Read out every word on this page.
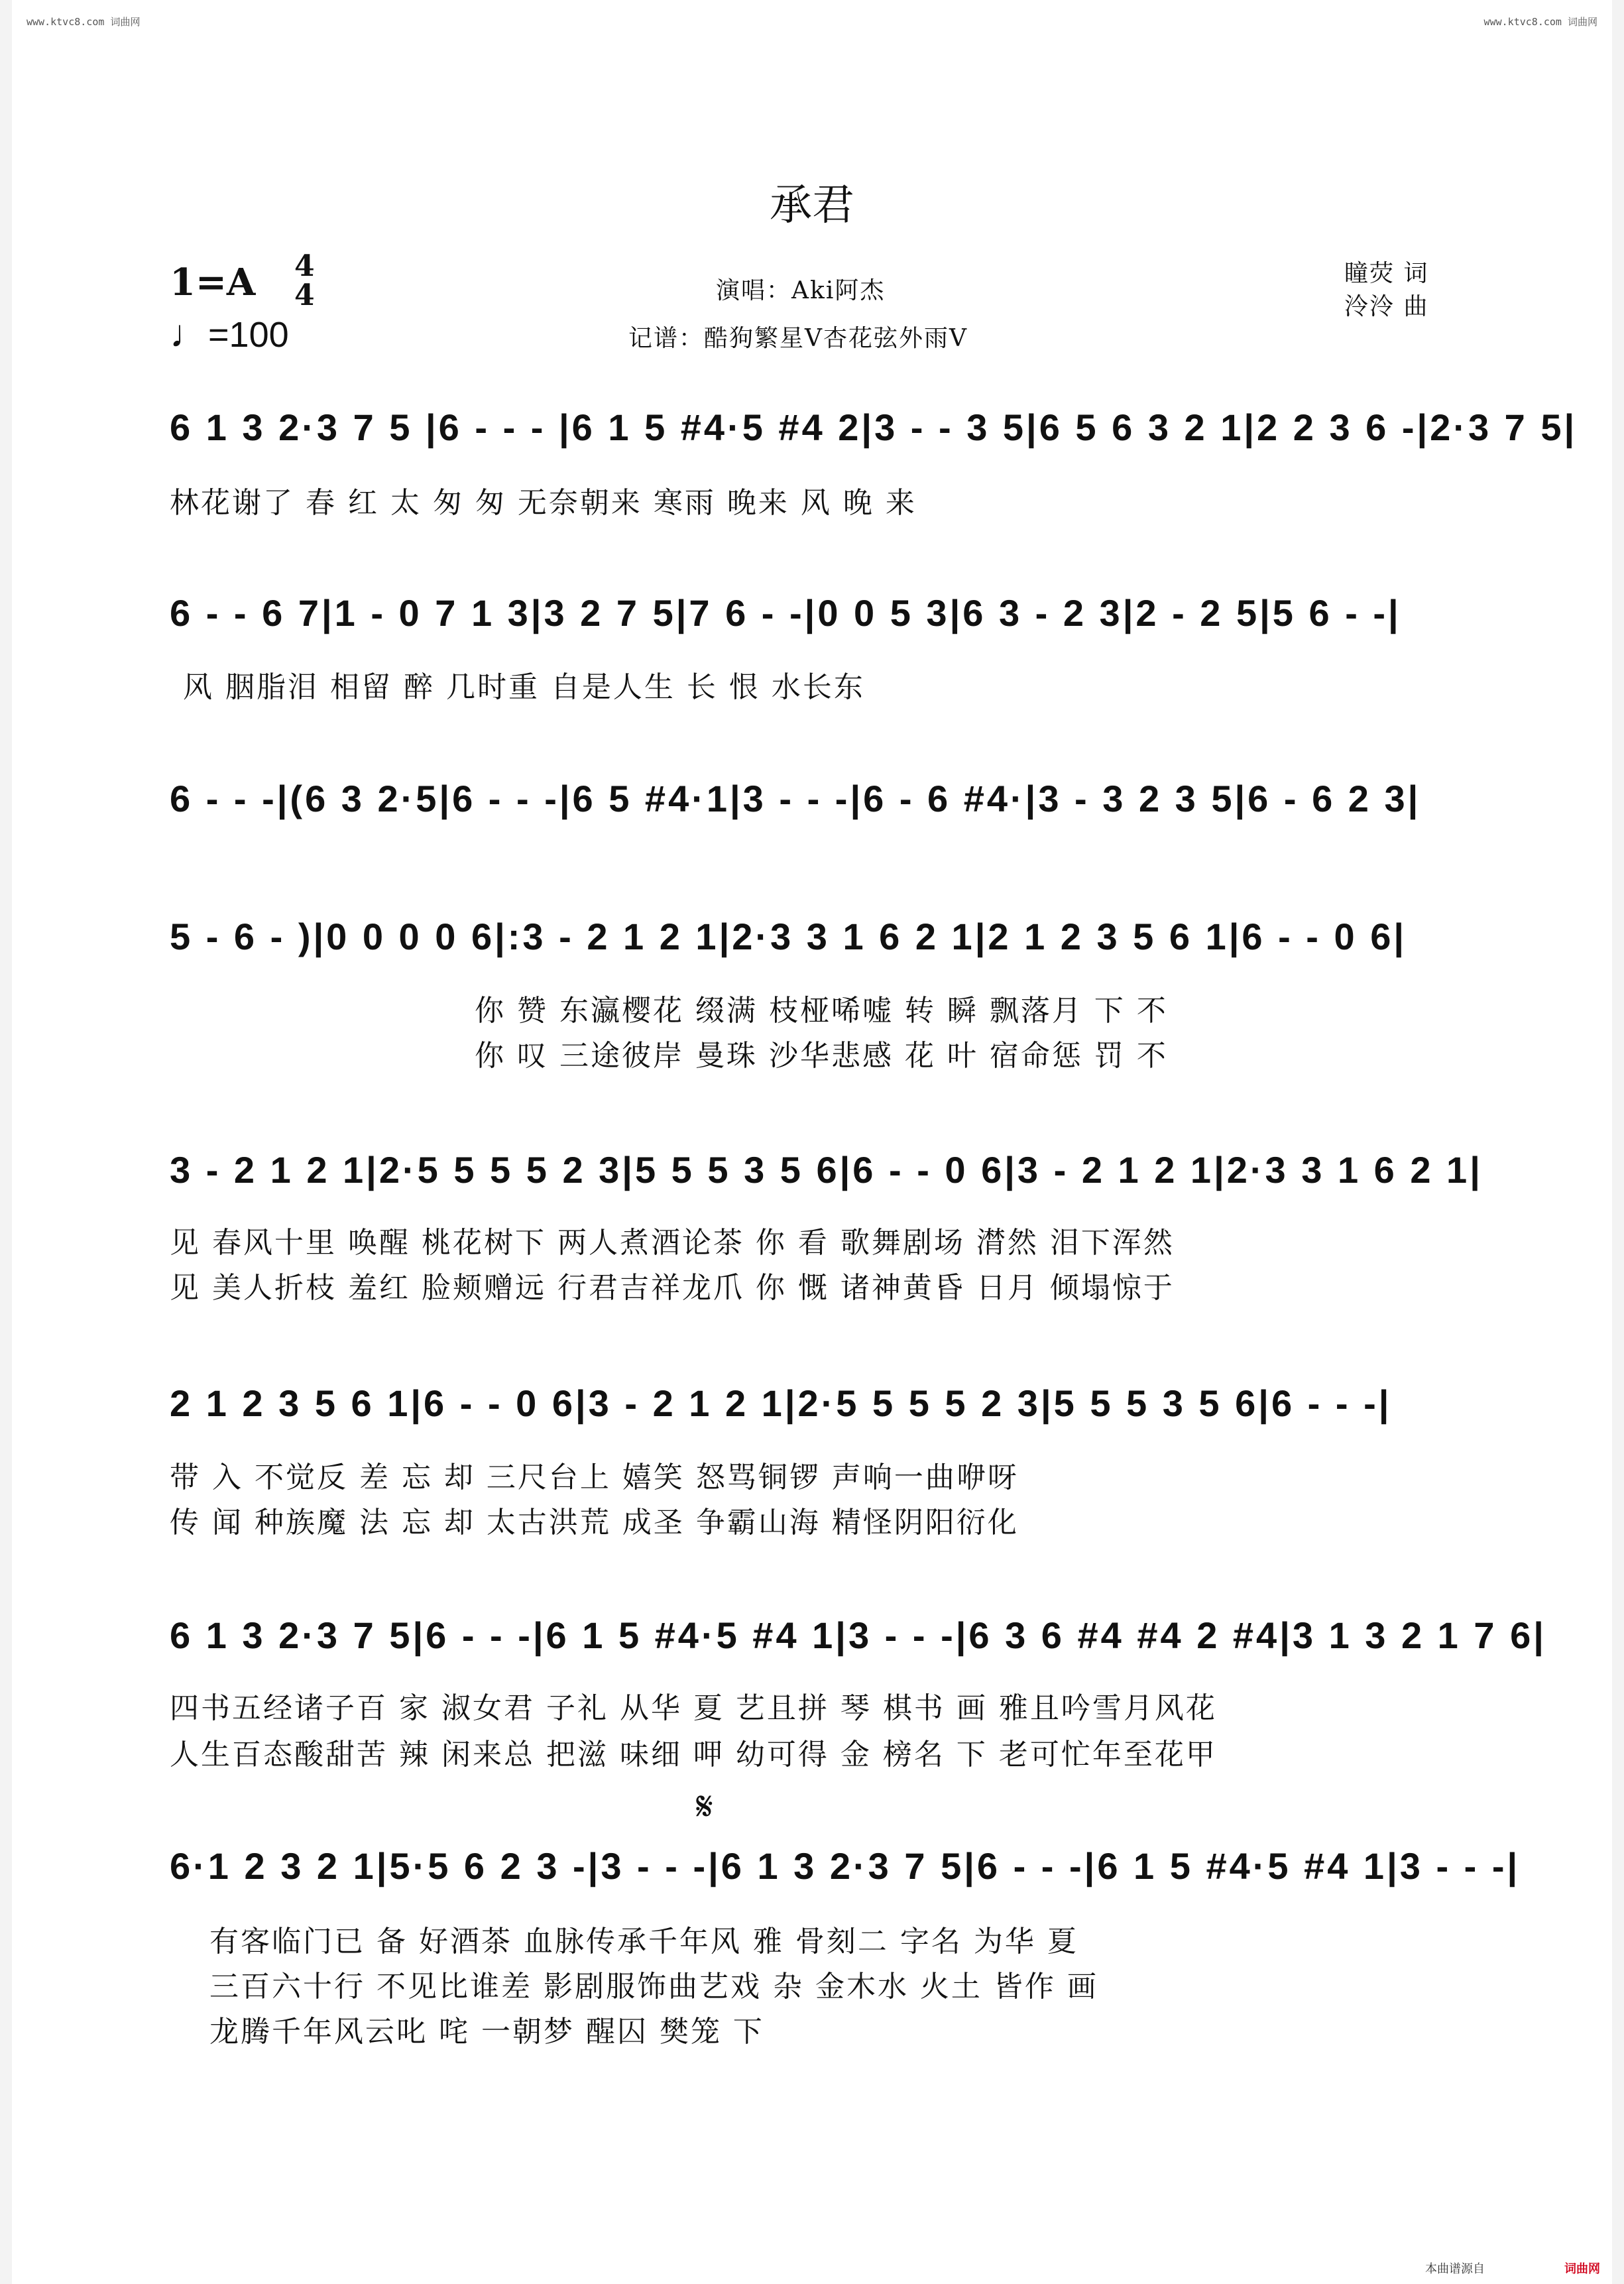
www.ktvc8.com 词曲网	www.ktvc8.com 词曲网
承君
1=A 4
4
♩=100
演唱：Aki阿杰
记谱：酷狗繁星V杏花弦外雨V
瞳荧 词
泠泠 曲
6 1 3 2·3 7 5 |6 - - - |6 1 5 #4·5 #4 2|3 - - 3 5|6 5 6 3 2 1|2 2 3 6 -|2·3 7 5|
林花谢了 春 红 太 匆 匆 无奈朝来 寒雨 晚来 风 晚 来
6 - - 6 7|1 - 0 7 1 3|3 2 7 5|7 6 - -|0 0 5 3|6 3 - 2 3|2 - 2 5|5 6 - -|
风 胭脂泪 相留 醉 几时重 自是人生 长 恨 水长东
6 - - -|(6 3 2·5|6 - - -|6 5 #4·1|3 - - -|6 - 6 #4·|3 - 3 2 3 5|6 - 6 2 3|
5 - 6 - )|0 0 0 0 6|:3 - 2 1 2 1|2·3 3 1 6 2 1|2 1 2 3 5 6 1|6 - - 0 6|
你 赞 东瀛樱花 缀满 枝桠唏嘘 转 瞬 飘落月 下 不
你 叹 三途彼岸 曼珠 沙华悲感 花 叶 宿命惩 罚 不
3 - 2 1 2 1|2·5 5 5 5 2 3|5 5 5 3 5 6|6 - - 0 6|3 - 2 1 2 1|2·3 3 1 6 2 1|
见 春风十里 唤醒 桃花树下 两人煮酒论茶 你 看 歌舞剧场 潸然 泪下浑然
见 美人折枝 羞红 脸颊赠远 行君吉祥龙爪 你 慨 诸神黄昏 日月 倾塌惊于
2 1 2 3 5 6 1|6 - - 0 6|3 - 2 1 2 1|2·5 5 5 5 2 3|5 5 5 3 5 6|6 - - -|
带 入 不觉反 差 忘 却 三尺台上 嬉笑 怒骂铜锣 声响一曲咿呀
传 闻 种族魔 法 忘 却 太古洪荒 成圣 争霸山海 精怪阴阳衍化
6 1 3 2·3 7 5|6 - - -|6 1 5 #4·5 #4 1|3 - - -|6 3 6 #4 #4 2 #4|3 1 3 2 1 7 6|
四书五经诸子百 家 淑女君 子礼 从华 夏 艺且拼 琴 棋书 画 雅且吟雪月风花
人生百态酸甜苦 辣 闲来总 把滋 味细 呷 幼可得 金 榜名 下 老可忙年至花甲
𝄋
6·1 2 3 2 1|5·5 6 2 3 -|3 - - -|6 1 3 2·3 7 5|6 - - -|6 1 5 #4·5 #4 1|3 - - -|
有客临门已 备 好酒茶 血脉传承千年风 雅 骨刻二 字名 为华 夏
三百六十行 不见比谁差 影剧服饰曲艺戏 杂 金木水 火土 皆作 画
龙腾千年风云叱 咤 一朝梦 醒囚 樊笼 下
本曲谱源自	词曲网
